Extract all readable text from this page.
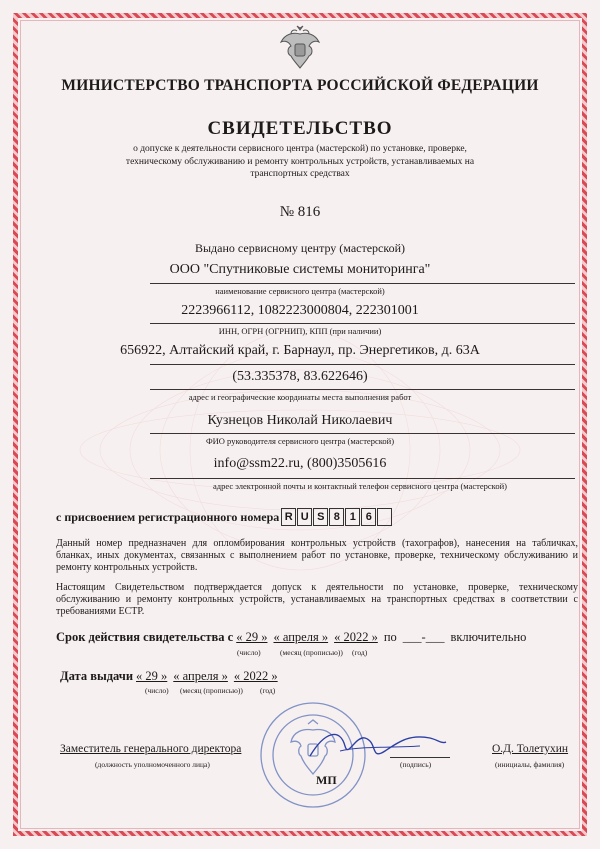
МИНИСТЕРСТВО ТРАНСПОРТА РОССИЙСКОЙ ФЕДЕРАЦИИ
СВИДЕТЕЛЬСТВО
о допуске к деятельности сервисного центра (мастерской) по установке, проверке, техническому обслуживанию и ремонту контрольных устройств, устанавливаемых на транспортных средствах
№ 816
Выдано сервисному центру (мастерской)
ООО "Спутниковые системы мониторинга"
наименование сервисного центра (мастерской)
2223966112, 1082223000804, 222301001
ИНН, ОГРН (ОГРНИП), КПП (при наличии)
656922, Алтайский край, г. Барнаул, пр. Энергетиков, д. 63А
(53.335378, 83.622646)
адрес и географические координаты места выполнения работ
Кузнецов Николай Николаевич
ФИО руководителя сервисного центра (мастерской)
info@ssm22.ru, (800)3505616
адрес электронной почты и контактный телефон сервисного центра (мастерской)
с присвоением регистрационного номера R U S 8 1 6
Данный номер предназначен для опломбирования контрольных устройств (тахографов), нанесения на табличках, бланках, иных документах, связанных с выполнением работ по установке, проверке, техническому обслуживанию и ремонту контрольных устройств.
Настоящим Свидетельством подтверждается допуск к деятельности по установке, проверке, техническому обслуживанию и ремонту контрольных устройств, устанавливаемых на транспортных средствах в соответствии с требованиями ЕСТР.
Срок действия свидетельства с « 29 » « апреля » « 2022 » по ___-___ включительно
(число)	(месяц (прописью)) (год)
Дата выдачи « 29 » « апреля » « 2022 »
(число) (месяц (прописью)) (год)
Заместитель генерального директора
(должность уполномоченного лица)	(подпись)
О.Д. Толетухин
(инициалы, фамилия)
МП
